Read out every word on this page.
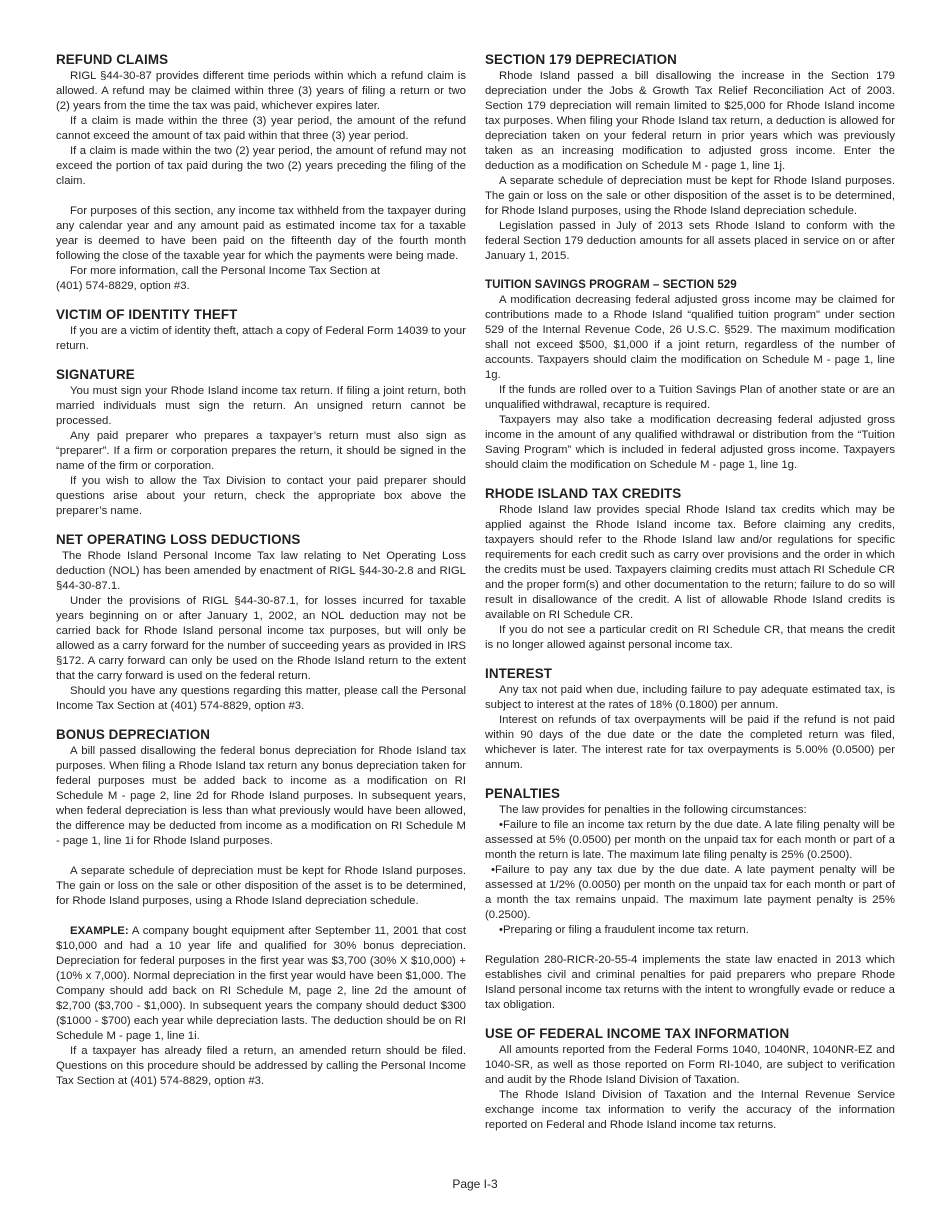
REFUND CLAIMS

RIGL §44-30-87 provides different time periods within which a refund claim is allowed. A refund may be claimed within three (3) years of filing a return or two (2) years from the time the tax was paid, whichever expires later.

If a claim is made within the three (3) year period, the amount of the refund cannot exceed the amount of tax paid within that three (3) year period.

If a claim is made within the two (2) year period, the amount of refund may not exceed the portion of tax paid during the two (2) years preceding the filing of the claim.

For purposes of this section, any income tax withheld from the taxpayer during any calendar year and any amount paid as estimated income tax for a taxable year is deemed to have been paid on the fifteenth day of the fourth month following the close of the taxable year for which the payments were being made.

For more information, call the Personal Income Tax Section at

(401) 574-8829, option #3.

VICTIM OF IDENTITY THEFT

If you are a victim of identity theft, attach a copy of Federal Form 14039 to your return.

SIGNATURE

You must sign your Rhode Island income tax return. If filing a joint return, both married individuals must sign the return. An unsigned return cannot be processed.

Any paid preparer who prepares a taxpayer’s return must also sign as “preparer”. If a firm or corporation prepares the return, it should be signed in the name of the firm or corporation.

If you wish to allow the Tax Division to contact your paid preparer should questions arise about your return, check the appropriate box above the preparer’s name.

NET OPERATING LOSS DEDUCTIONS

The Rhode Island Personal Income Tax law relating to Net Operating Loss deduction (NOL) has been amended by enactment of RIGL §44-30-2.8 and RIGL §44-30-87.1.

Under the provisions of RIGL §44-30-87.1, for losses incurred for taxable years beginning on or after January 1, 2002, an NOL deduction may not be carried back for Rhode Island personal income tax purposes, but will only be allowed as a carry forward for the number of succeeding years as provided in IRS §172. A carry forward can only be used on the Rhode Island return to the extent that the carry forward is used on the federal return.

Should you have any questions regarding this matter, please call the Personal Income Tax Section at (401) 574-8829, option #3.

BONUS DEPRECIATION

A bill passed disallowing the federal bonus depreciation for Rhode Island tax purposes. When filing a Rhode Island tax return any bonus depreciation taken for federal purposes must be added back to income as a modification on RI Schedule M - page 2, line 2d for Rhode Island purposes. In subsequent years, when federal depreciation is less than what previously would have been allowed, the difference may be deducted from income as a modification on RI Schedule M - page 1, line 1i for Rhode Island purposes.

A separate schedule of depreciation must be kept for Rhode Island purposes. The gain or loss on the sale or other disposition of the asset is to be determined, for Rhode Island purposes, using a Rhode Island depreciation schedule.

EXAMPLE: A company bought equipment after September 11, 2001 that cost $10,000 and had a 10 year life and qualified for 30% bonus depreciation. Depreciation for federal purposes in the first year was $3,700 (30% X $10,000) + (10% x 7,000). Normal depreciation in the first year would have been $1,000. The Company should add back on RI Schedule M, page 2, line 2d the amount of $2,700 ($3,700 - $1,000). In subsequent years the company should deduct $300 ($1000 - $700) each year while depreciation lasts. The deduction should be on RI Schedule M - page 1, line 1i.

If a taxpayer has already filed a return, an amended return should be filed. Questions on this procedure should be addressed by calling the Personal Income Tax Section at (401) 574-8829, option #3.

SECTION 179 DEPRECIATION

Rhode Island passed a bill disallowing the increase in the Section 179 depreciation under the Jobs & Growth Tax Relief Reconciliation Act of 2003. Section 179 depreciation will remain limited to $25,000 for Rhode Island income tax purposes. When filing your Rhode Island tax return, a deduction is allowed for depreciation taken on your federal return in prior years which was previously taken as an increasing modification to adjusted gross income. Enter the deduction as a modification on Schedule M - page 1, line 1j.

A separate schedule of depreciation must be kept for Rhode Island purposes. The gain or loss on the sale or other disposition of the asset is to be determined, for Rhode Island purposes, using the Rhode Island depreciation schedule.

Legislation passed in July of 2013 sets Rhode Island to conform with the federal Section 179 deduction amounts for all assets placed in service on or after January 1, 2015.

TUITION SAVINGS PROGRAM – SECTION 529

A modification decreasing federal adjusted gross income may be claimed for contributions made to a Rhode Island “qualified tuition program" under section 529 of the Internal Revenue Code, 26 U.S.C. §529. The maximum modification shall not exceed $500, $1,000 if a joint return, regardless of the number of accounts. Taxpayers should claim the modification on Schedule M - page 1, line 1g.

If the funds are rolled over to a Tuition Savings Plan of another state or are an unqualified withdrawal, recapture is required.

Taxpayers may also take a modification decreasing federal adjusted gross income in the amount of any qualified withdrawal or distribution from the “Tuition Saving Program” which is included in federal adjusted gross income. Taxpayers should claim the modification on Schedule M - page 1, line 1g.

RHODE ISLAND TAX CREDITS

Rhode Island law provides special Rhode Island tax credits which may be applied against the Rhode Island income tax. Before claiming any credits, taxpayers should refer to the Rhode Island law and/or regulations for specific requirements for each credit such as carry over provisions and the order in which the credits must be used. Taxpayers claiming credits must attach RI Schedule CR and the proper form(s) and other documentation to the return; failure to do so will result in disallowance of the credit. A list of allowable Rhode Island credits is available on RI Schedule CR.

If you do not see a particular credit on RI Schedule CR, that means the credit is no longer allowed against personal income tax.

INTEREST

Any tax not paid when due, including failure to pay adequate estimated tax, is subject to interest at the rates of 18% (0.1800) per annum.

Interest on refunds of tax overpayments will be paid if the refund is not paid within 90 days of the due date or the date the completed return was filed, whichever is later. The interest rate for tax overpayments is 5.00% (0.0500) per annum.

PENALTIES

The law provides for penalties in the following circumstances:

•Failure to file an income tax return by the due date. A late filing penalty will be assessed at 5% (0.0500) per month on the unpaid tax for each month or part of a month the return is late. The maximum late filing penalty is 25% (0.2500).

•Failure to pay any tax due by the due date. A late payment penalty will be assessed at 1/2% (0.0050) per month on the unpaid tax for each month or part of a month the tax remains unpaid. The maximum late payment penalty is 25% (0.2500).

•Preparing or filing a fraudulent income tax return.

Regulation 280-RICR-20-55-4 implements the state law enacted in 2013 which establishes civil and criminal penalties for paid preparers who prepare Rhode Island personal income tax returns with the intent to wrongfully evade or reduce a tax obligation.

USE OF FEDERAL INCOME TAX INFORMATION

All amounts reported from the Federal Forms 1040, 1040NR, 1040NR-EZ and 1040-SR, as well as those reported on Form RI-1040, are subject to verification and audit by the Rhode Island Division of Taxation.

The Rhode Island Division of Taxation and the Internal Revenue Service exchange income tax information to verify the accuracy of the information reported on Federal and Rhode Island income tax returns.

Page I-3
